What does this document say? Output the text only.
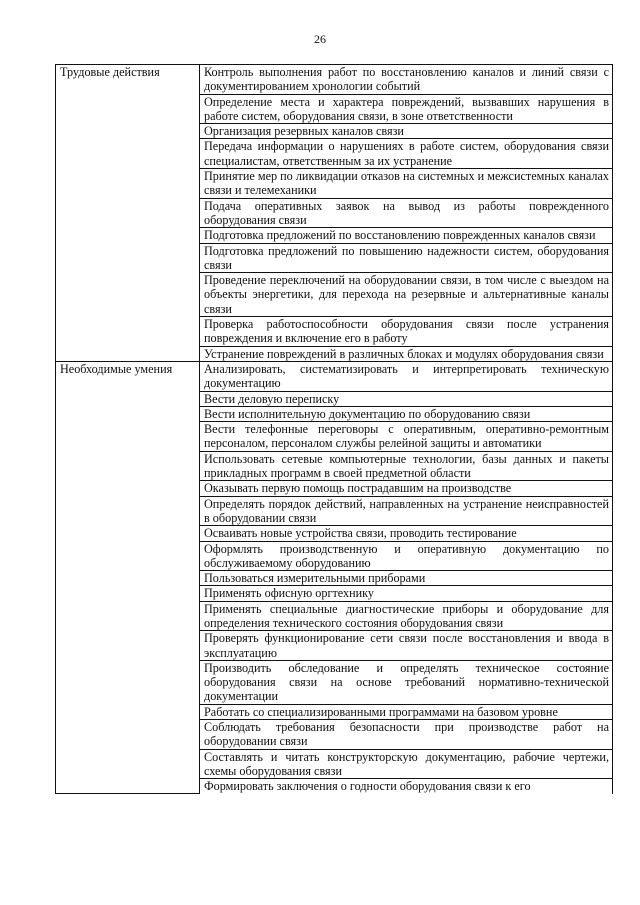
26
Трудовые действия	Контроль выполнения работ по восстановлению каналов и линий связи с документированием хронологии событий
	Определение места и характера повреждений, вызвавших нарушения в работе систем, оборудования связи, в зоне ответственности
	Организация резервных каналов связи
	Передача информации о нарушениях в работе систем, оборудования связи специалистам, ответственным за их устранение
	Принятие мер по ликвидации отказов на системных и межсистемных каналах связи и телемеханики
	Подача оперативных заявок на вывод из работы поврежденного оборудования связи
	Подготовка предложений по восстановлению поврежденных каналов связи
	Подготовка предложений по повышению надежности систем, оборудования связи
	Проведение переключений на оборудовании связи, в том числе с выездом на объекты энергетики, для перехода на резервные и альтернативные каналы связи
	Проверка работоспособности оборудования связи после устранения повреждения и включение его в работу
	Устранение повреждений в различных блоках и модулях оборудования связи
Необходимые умения	Анализировать, систематизировать и интерпретировать техническую документацию
	Вести деловую переписку
	Вести исполнительную документацию по оборудованию связи
	Вести телефонные переговоры с оперативным, оперативно-ремонтным персоналом, персоналом службы релейной защиты и автоматики
	Использовать сетевые компьютерные технологии, базы данных и пакеты прикладных программ в своей предметной области
	Оказывать первую помощь пострадавшим на производстве
	Определять порядок действий, направленных на устранение неисправностей в оборудовании связи
	Осваивать новые устройства связи, проводить тестирование
	Оформлять производственную и оперативную документацию по обслуживаемому оборудованию
	Пользоваться измерительными приборами
	Применять офисную оргтехнику
	Применять специальные диагностические приборы и оборудование для определения технического состояния оборудования связи
	Проверять функционирование сети связи после восстановления и ввода в эксплуатацию
	Производить обследование и определять техническое состояние оборудования связи на основе требований нормативно-технической документации
	Работать со специализированными программами на базовом уровне
	Соблюдать требования безопасности при производстве работ на оборудовании связи
	Составлять и читать конструкторскую документацию, рабочие чертежи, схемы оборудования связи
	Формировать заключения о годности оборудования связи к его
